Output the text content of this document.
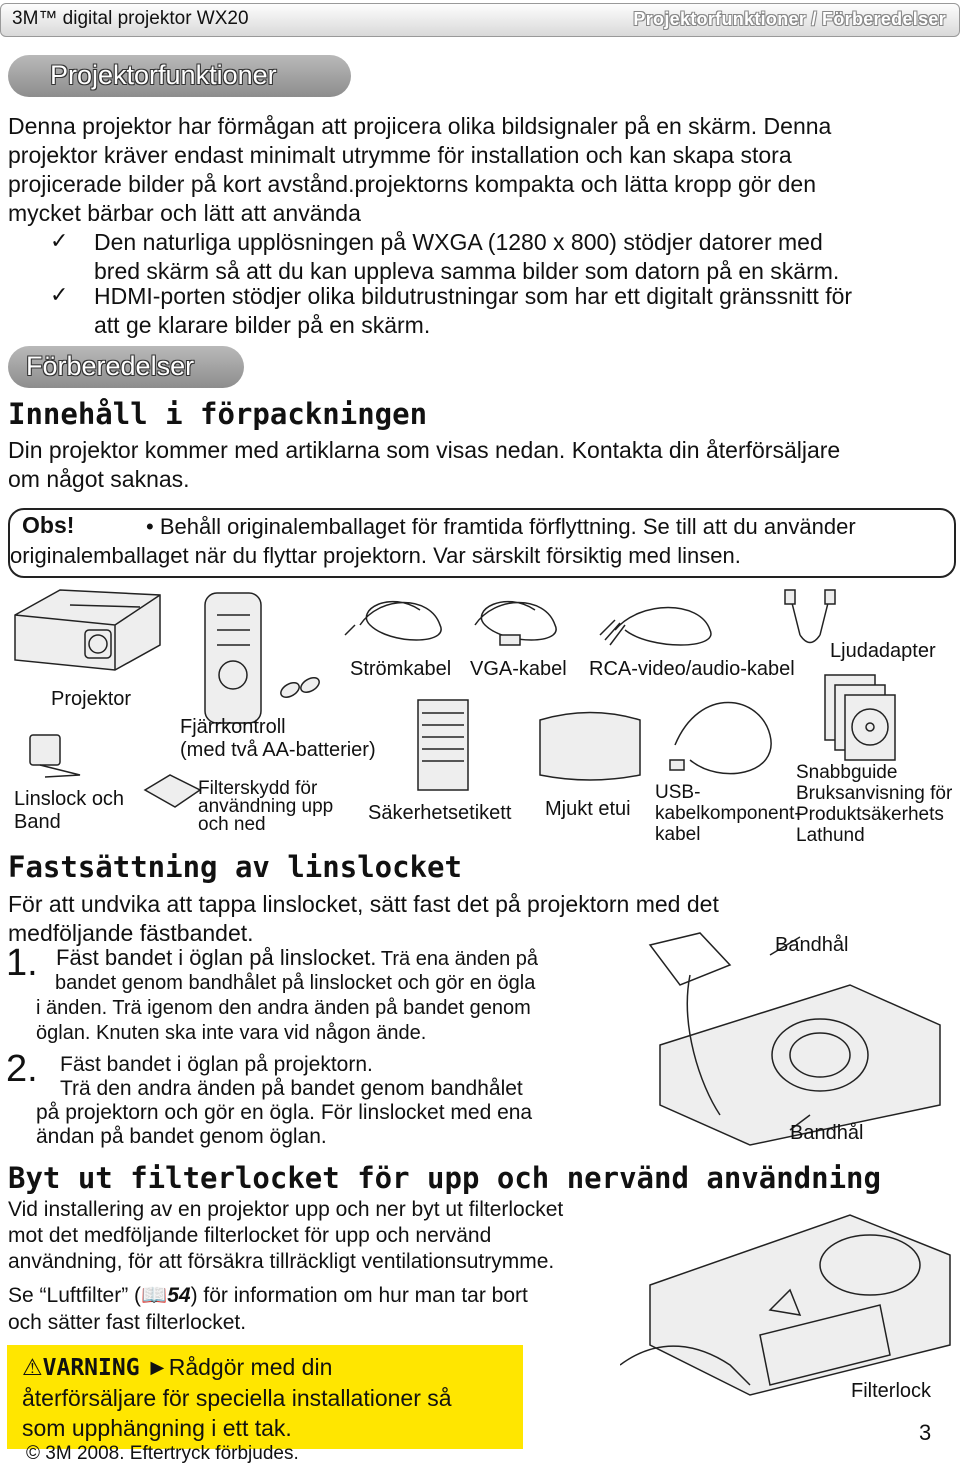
3M™ digital projektor WX20	Projektorfunktioner / Förberedelser
Projektorfunktioner
Denna projektor har förmågan att projicera olika bildsignaler på en skärm. Denna
projektor kräver endast minimalt utrymme för installation och kan skapa stora
projicerade bilder på kort avstånd.projektorns kompakta och lätta kropp gör den
mycket bärbar och lätt att använda
✓ Den naturliga upplösningen på WXGA (1280 x 800) stödjer datorer med
bred skärm så att du kan uppleva samma bilder som datorn på en skärm.
✓ HDMI-porten stödjer olika bildutrustningar som har ett digitalt gränssnitt för
att ge klarare bilder på en skärm.
Förberedelser
Innehåll i förpackningen
Din projektor kommer med artiklarna som visas nedan. Kontakta din återförsäljare
om något saknas.
Obs!	• Behåll originalemballaget för framtida förflyttning. Se till att du använder
originalemballaget när du flyttar projektorn. Var särskilt försiktig med linsen.
Projektor
Fjärrkontroll
(med två AA-batterier)
Strömkabel VGA-kabel RCA-video/audio-kabel
Ljudadapter
Linslock och
Band
Filterskydd för
användning upp
och ned
Säkerhetsetikett Mjukt etui
USB-
kabelkomponent-
kabel
Snabbguide
Bruksanvisning för
Produktsäkerhets
Lathund
Fastsättning av linslocket
För att undvika att tappa linslocket, sätt fast det på projektorn med det
medföljande fästbandet.
1. Fäst bandet i öglan på linslocket. Trä ena änden på
bandet genom bandhålet på linslocket och gör en ögla
i änden. Trä igenom den andra änden på bandet genom
öglan. Knuten ska inte vara vid någon ände.
2. Fäst bandet i öglan på projektorn.
Trä den andra änden på bandet genom bandhålet
på projektorn och gör en ögla. För linslocket med ena
ändan på bandet genom öglan.
Bandhål
Bandhål
Byt ut filterlocket för upp och nervänd användning
Vid installering av en projektor upp och ner byt ut filterlocket
mot det medföljande filterlocket för upp och nervänd
användning, för att försäkra tillräckligt ventilationsutrymme.
Se “Luftfilter” (📖54) för information om hur man tar bort
och sätter fast filterlocket.
⚠VARNING ►Rådgör med din
återförsäljare för speciella installationer så
som upphängning i ett tak.
Filterlock
© 3M 2008. Eftertryck förbjudes.
3
